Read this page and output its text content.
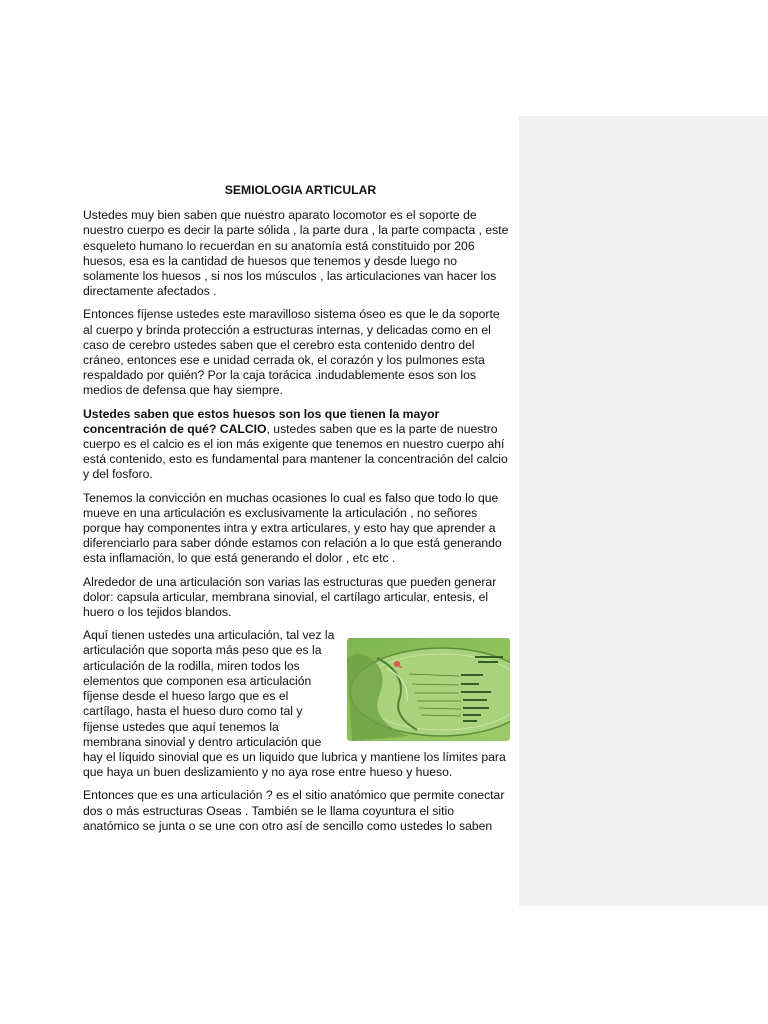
SEMIOLOGIA ARTICULAR

Ustedes muy bien saben que nuestro aparato locomotor es el soporte de nuestro cuerpo es decir la parte sólida , la parte dura , la parte compacta , este esqueleto humano lo recuerdan en su anatomía está constituido por 206 huesos, esa es la cantidad de huesos que tenemos y desde luego no solamente los huesos , si nos los músculos , las articulaciones van hacer los directamente afectados .

Entonces fíjense ustedes este maravilloso sistema óseo es que le da soporte al cuerpo y brinda protección a estructuras internas, y delicadas como en el caso de cerebro ustedes saben que el cerebro esta contenido dentro del cráneo, entonces ese e unidad cerrada ok, el corazón y los pulmones esta respaldado por quién? Por la caja torácica .indudablemente esos son los medios de defensa que hay siempre.

Ustedes saben que estos huesos son los que tienen la mayor concentración de qué? CALCIO, ustedes saben que es la parte de nuestro cuerpo es el calcio es el ion más exigente que tenemos en nuestro cuerpo ahí está contenido, esto es fundamental para mantener la concentración del calcio y del fosforo.

Tenemos la convicción en muchas ocasiones lo cual es falso que todo lo que mueve en una articulación es exclusivamente la articulación , no señores porque hay componentes intra y extra articulares, y esto hay que aprender a diferenciarlo para saber dónde estamos con relación a lo que está generando esta inflamación, lo que está generando el dolor , etc etc .

Alrededor de una articulación son varias las estructuras que pueden generar dolor: capsula articular, membrana sinovial, el cartílago articular, entesis, el huero o los tejidos blandos.

Aquí tienen ustedes una articulación, tal vez la articulación que soporta más peso que es la articulación de la rodilla, miren todos los elementos que componen esa articulación fíjense desde el hueso largo que es el cartílago, hasta el hueso duro como tal y fíjense ustedes que aquí tenemos la membrana sinovial y dentro articulación que hay el líquido sinovial que es un liquido que lubrica y mantiene los límites para que haya un buen deslizamiento y no aya rose entre hueso y hueso.

Entonces que es una articulación ? es el sitio anatómico que permite conectar dos o más estructuras Oseas . También se le llama coyuntura el sitio anatómico se junta o se une con otro así de sencillo como ustedes lo saben
